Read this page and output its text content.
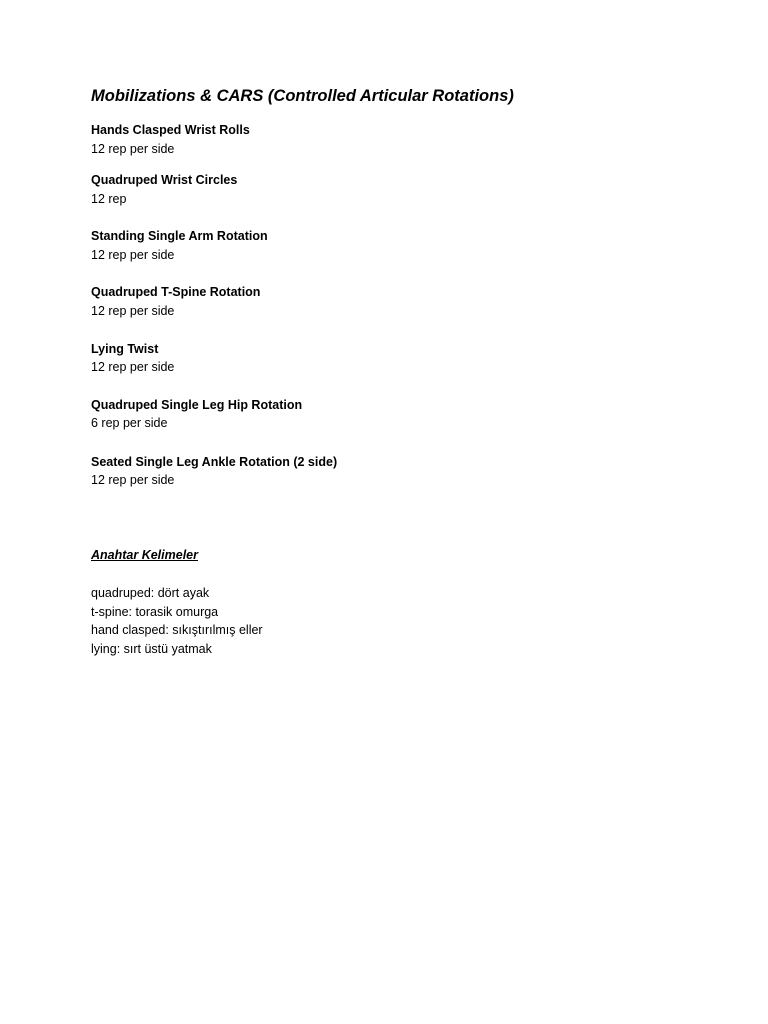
Mobilizations & CARS (Controlled Articular Rotations)
Hands Clasped Wrist Rolls
12 rep per side
Quadruped Wrist Circles
12 rep
Standing Single Arm Rotation
12 rep per side
Quadruped T-Spine Rotation
12 rep per side
Lying Twist
12 rep per side
Quadruped Single Leg Hip Rotation
6 rep per side
Seated Single Leg Ankle Rotation (2 side)
12 rep per side
Anahtar Kelimeler
quadruped: dört ayak
t-spine: torasik omurga
hand clasped: sıkıştırılmış eller
lying: sırt üstü yatmak
